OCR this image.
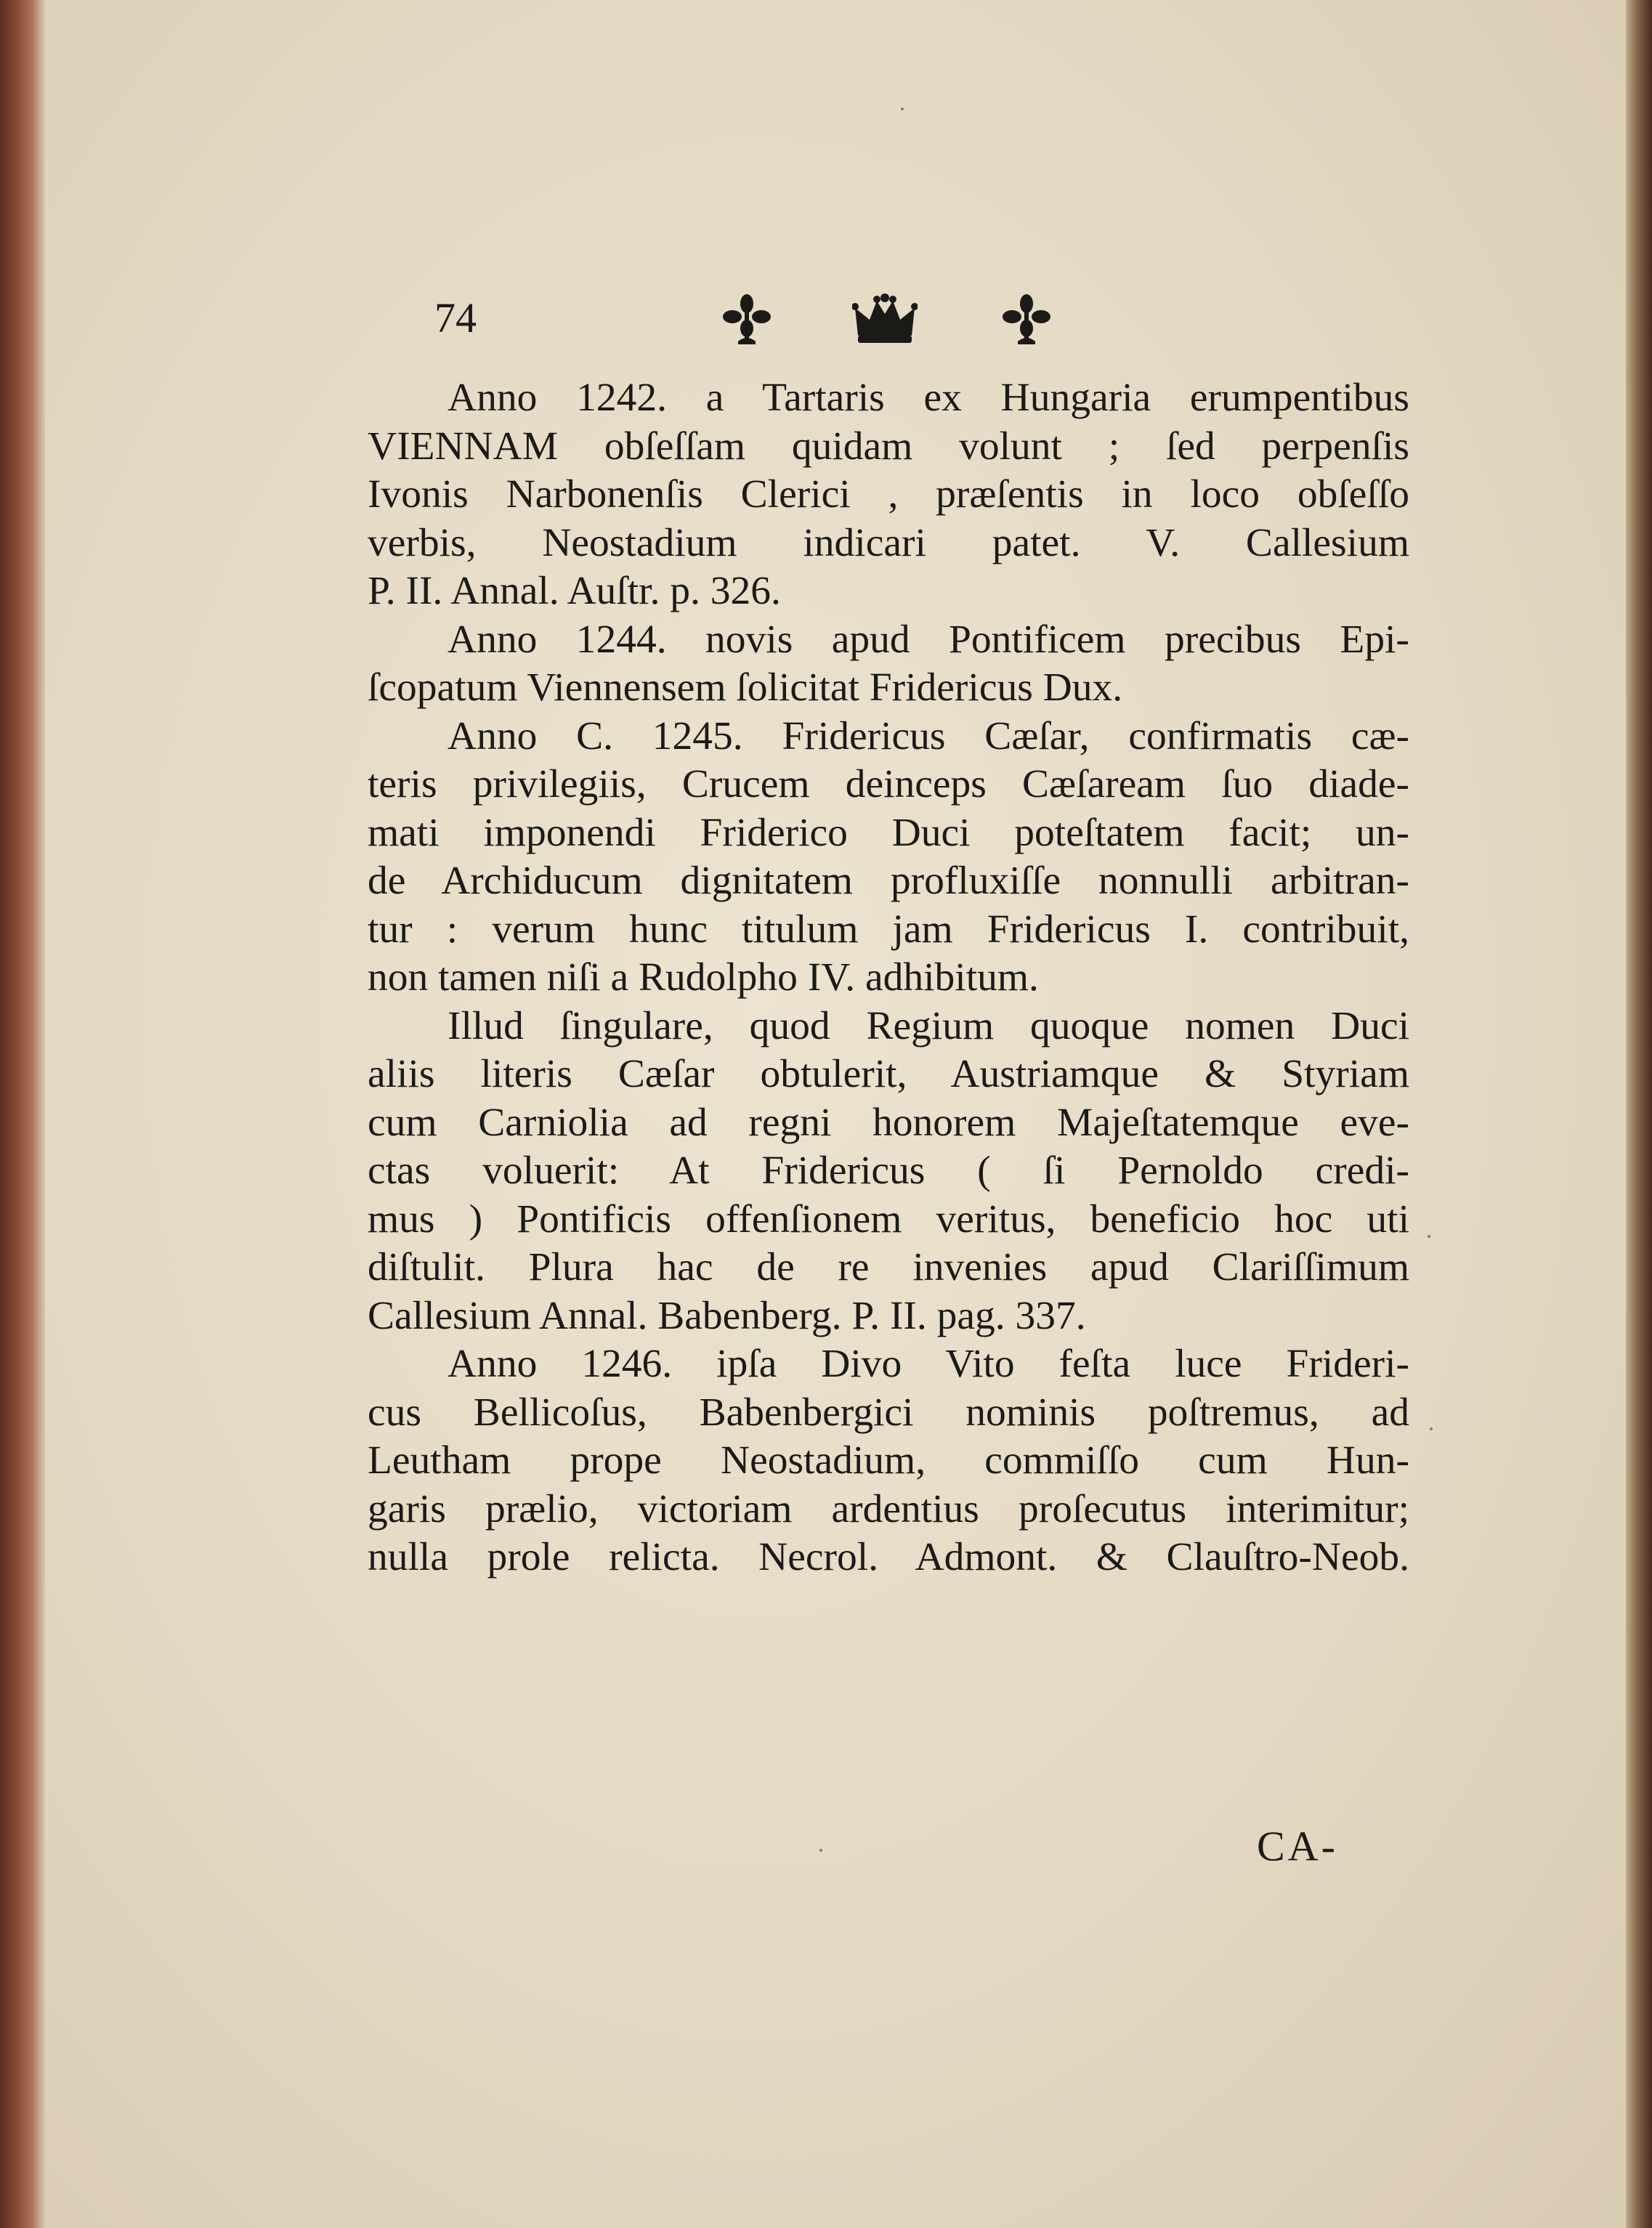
74
Anno 1242. a Tartaris ex Hungaria erumpentibus
VIENNAM obſeſſam quidam volunt ; ſed perpenſis
Ivonis Narbonenſis Clerici , præſentis in loco obſeſſo
verbis, Neostadium indicari patet. V. Callesium
P. II. Annal. Auſtr. p. 326.
Anno 1244. novis apud Pontificem precibus Epi-
ſcopatum Viennensem ſolicitat Fridericus Dux.
Anno C. 1245. Fridericus Cæſar, confirmatis cæ-
teris privilegiis, Crucem deinceps Cæſaream ſuo diade-
mati imponendi Friderico Duci poteſtatem facit; un-
de Archiducum dignitatem profluxiſſe nonnulli arbitran-
tur : verum hunc titulum jam Fridericus I. contribuit,
non tamen niſi a Rudolpho IV. adhibitum.
Illud ſingulare, quod Regium quoque nomen Duci
aliis literis Cæſar obtulerit, Austriamque & Styriam
cum Carniolia ad regni honorem Majeſtatemque eve-
ctas voluerit: At Fridericus ( ſi Pernoldo credi-
mus ) Pontificis offenſionem veritus, beneficio hoc uti
diſtulit. Plura hac de re invenies apud Clariſſimum
Callesium Annal. Babenberg. P. II. pag. 337.
Anno 1246. ipſa Divo Vito feſta luce Frideri-
cus Bellicoſus, Babenbergici nominis poſtremus, ad
Leutham prope Neostadium, commiſſo cum Hun-
garis prælio, victoriam ardentius proſecutus interimitur;
nulla prole relicta. Necrol. Admont. & Clauſtro-Neob.
CA-
